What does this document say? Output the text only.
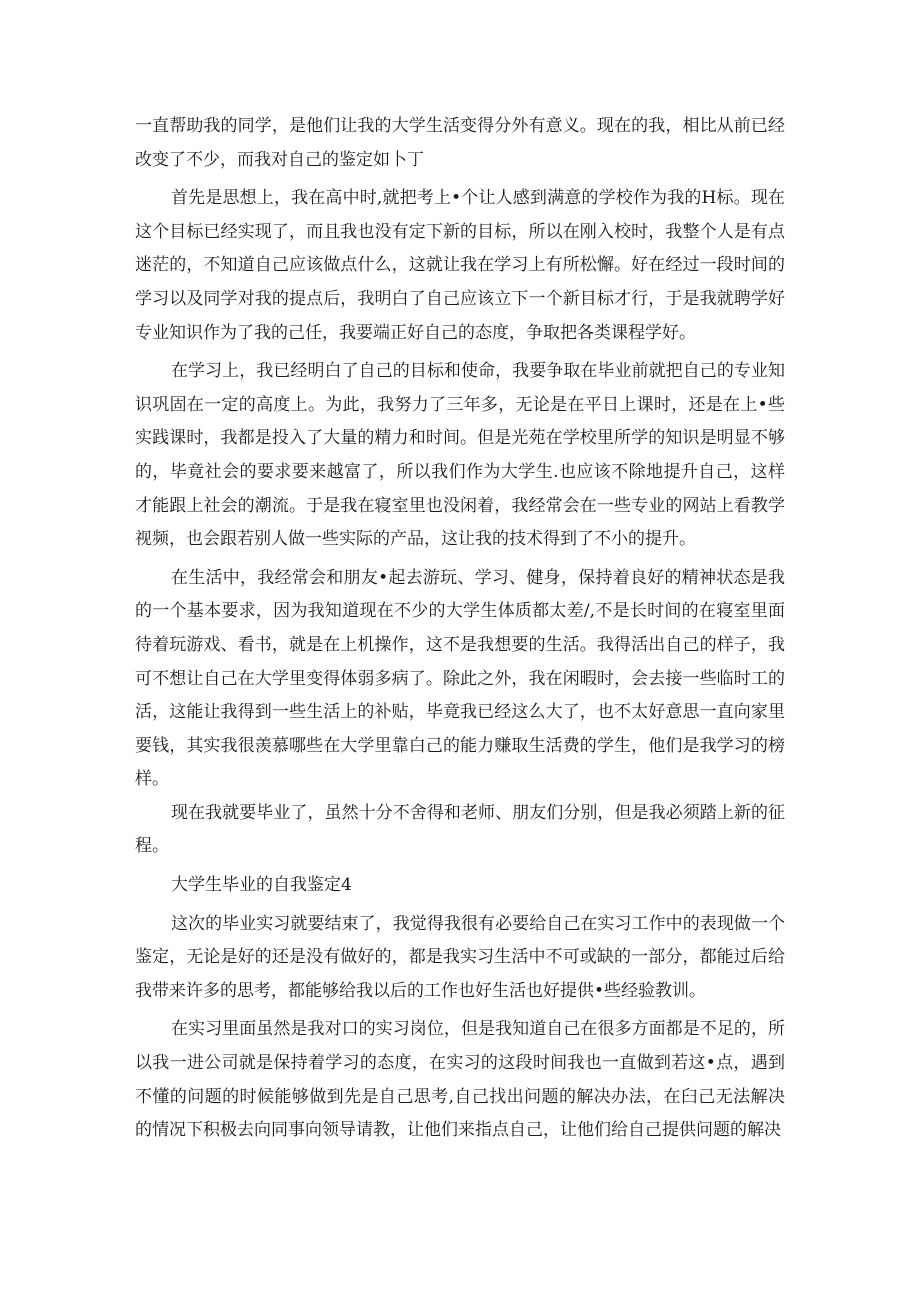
一直帮助我的同学，是他们让我的大学生活变得分外有意义。现在的我，相比从前已经改变了不少，而我对自己的鉴定如卜丁

首先是思想上，我在高中时,就把考上•个让人感到满意的学校作为我的H标。现在这个目标已经实现了，而且我也没有定下新的目标，所以在刚入校时，我整个人是有点迷茫的，不知道自己应该做点什么，这就让我在学习上有所松懈。好在经过一段时间的学习以及同学对我的提点后，我明白了自己应该立下一个新目标才行，于是我就聘学好专业知识作为了我的己任，我要端正好自己的态度，争取把各类课程学好。

在学习上，我已经明白了自己的目标和使命，我要争取在毕业前就把自己的专业知识巩固在一定的高度上。为此，我努力了三年多，无论是在平日上课时，还是在上•些实践课时，我都是投入了大量的精力和时间。但是光苑在学校里所学的知识是明显不够的，毕竟社会的要求要来越富了，所以我们作为大学生.也应该不除地提升自己，这样才能跟上社会的潮流。于是我在寝室里也没闲着，我经常会在一些专业的网站上看教学视频，也会跟若别人做一些实际的产品，这让我的技术得到了不小的提升。

在生活中，我经常会和朋友•起去游玩、学习、健身，保持着良好的精神状态是我的一个基本要求，因为我知道现在不少的大学生体质都太差/,不是长时间的在寝室里面待着玩游戏、看书，就是在上机操作，这不是我想要的生活。我得活出自己的样子，我可不想让自己在大学里变得体弱多病了。除此之外，我在闲暇时，会去接一些临时工的活，这能让我得到一些生活上的补贴，毕竟我已经这么大了，也不太好意思一直向家里要钱，其实我很羡慕哪些在大学里靠白己的能力赚取生活费的学生，他们是我学习的榜样。

现在我就要毕业了，虽然十分不舍得和老师、朋友们分别，但是我必须踏上新的征程。

大学生毕业的自我鉴定4

这次的毕业实习就要结束了，我觉得我很有必要给自己在实习工作中的表现做一个鉴定，无论是好的还是没有做好的，都是我实习生活中不可或缺的一部分，都能过后给我带来许多的思考，都能够给我以后的工作也好生活也好提供•些经验教训。

在实习里面虽然是我对口的实习岗位，但是我知道自己在很多方面都是不足的，所以我一进公司就是保持着学习的态度，在实习的这段时间我也一直做到若这•点，遇到不懂的问题的时候能够做到先是自己思考,自己找出问题的解决办法，在臼己无法解决的情况下积极去向同事向领导请教，让他们来指点自己，让他们给自己提供问题的解决
